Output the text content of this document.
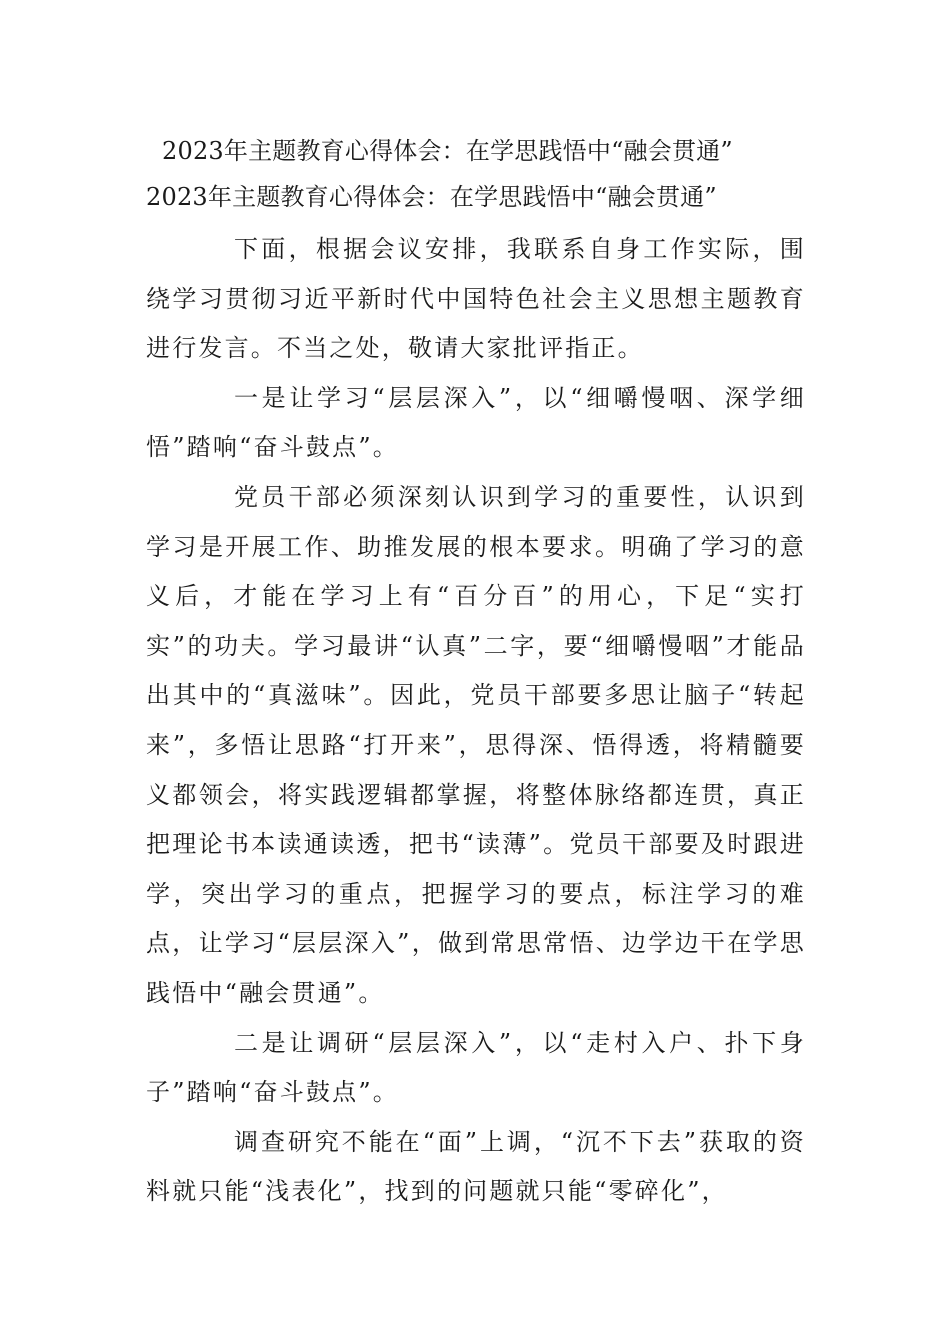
2023年主题教育心得体会：在学思践悟中“融会贯通”
2023年主题教育心得体会：在学思践悟中“融会贯通”

下面，根据会议安排，我联系自身工作实际，围绕学习贯彻习近平新时代中国特色社会主义思想主题教育进行发言。不当之处，敬请大家批评指正。

一是让学习“层层深入”，以“细嚼慢咽、深学细悟”踏响“奋斗鼓点”。

党员干部必须深刻认识到学习的重要性，认识到学习是开展工作、助推发展的根本要求。明确了学习的意义后，才能在学习上有“百分百”的用心，下足“实打实”的功夫。学习最讲“认真”二字，要“细嚼慢咽”才能品出其中的“真滋味”。因此，党员干部要多思让脑子“转起来”，多悟让思路“打开来”，思得深、悟得透，将精髓要义都领会，将实践逻辑都掌握，将整体脉络都连贯，真正把理论书本读通读透，把书“读薄”。党员干部要及时跟进学，突出学习的重点，把握学习的要点，标注学习的难点，让学习“层层深入”，做到常思常悟、边学边干在学思践悟中“融会贯通”。

二是让调研“层层深入”，以“走村入户、扑下身子”踏响“奋斗鼓点”。

调查研究不能在“面”上调，“沉不下去”获取的资料就只能“浅表化”，找到的问题就只能“零碎化”，
